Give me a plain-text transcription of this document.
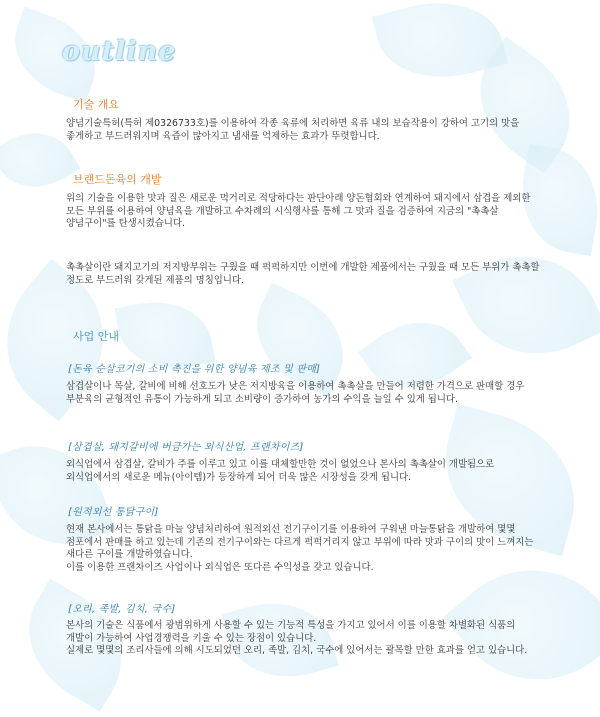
outline
기술 개요

양념기술특허(특허 제0326733호)를 이용하여 각종 육류에 처리하면 육류 내의 보습작용이 강하여 고기의 맛을 좋게하고 부드러워지며 육즙이 많아지고 냄새를 억제하는 효과가 뚜렷합니다.

브랜드돈육의 개발

위의 기술을 이용한 맛과 질은 새로운 먹거리로 적당하다는 판단아래 양돈협회와 연계하여 돼지에서 삼겹을 제외한 모든 부위를 이용하여 양념육을 개발하고 수차례의 시식행사를 통해 그 맛과 질을 검증하여 지금의 "촉촉살 양념구이"를 탄생시켰습니다.

촉촉살이란 돼지고기의 저지방부위는 구웠을 때 퍽퍽하지만 이번에 개발한 제품에서는 구웠을 때 모든 부위가 촉촉할 정도로 부드러워 갖게된 제품의 명칭입니다.

사업 안내
[돈육 순살코기의 소비 촉진을 위한 양념육 제조 및 판매]

삼겹살이나 목살, 갈비에 비해 선호도가 낮은 저지방육을 이용하여 촉촉살을 만들어 저렴한 가격으로 판매할 경우 부분육의 균형적인 유통이 가능하게 되고 소비량이 증가하여 농가의 수익을 늘일 수 있게 됩니다.

[삼겹살, 돼지갈비에 버금가는 외식산업, 프랜차이즈]

외식업에서 삼겹살, 갈비가 주를 이루고 있고 이를 대체할만한 것이 없었으나 본사의 촉촉살이 개발됨으로 외식업에서의 새로운 메뉴(아이템)가 등장하게 되어 더욱 많은 시장성을 갖게 됩니다.

[원적외선 통닭구이]

현재 본사에서는 통닭을 마늘 양념처리하여 원적외선 전기구이기를 이용하여 구워낸 마늘통닭을 개발하여 몇몇 점포에서 판매를 하고 있는데 기존의 전기구이와는 다르게 퍽퍽거리지 않고 부위에 따라 맛과 구이의 맛이 느껴지는 새다른 구이를 개발하였습니다.

이를 이용한 프랜차이즈 사업이나 외식업은 또다른 수익성을 갖고 있습니다.

[오리, 족발, 김치, 국수]

본사의 기술은 식품에서 광범위하게 사용할 수 있는 기능적 특성을 가지고 있어서 이를 이용할 차별화된 식품의 개발이 가능하여 사업경쟁력을 키울 수 있는 장점이 있습니다.

실제로 몇몇의 조리사들에 의해 시도되었던 오리, 족발, 김치, 국수에 있어서는 괄목할 만한 효과를 얻고 있습니다.
